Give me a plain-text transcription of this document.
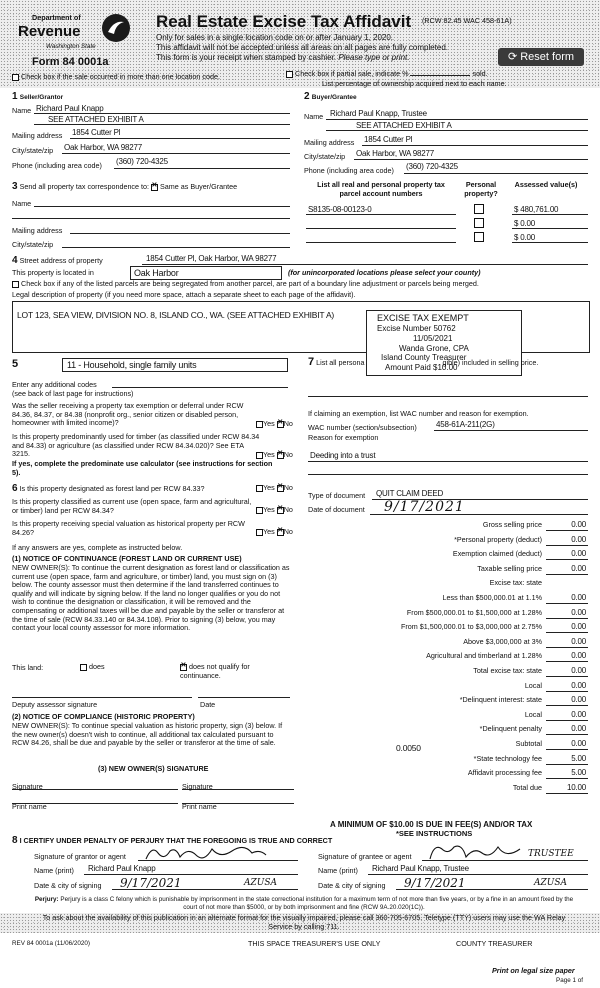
Department of
Revenue
Washington State
Form 84 0001a
Real Estate Excise Tax Affidavit (RCW 82.45 WAC 458-61A)
Only for sales in a single location code on or after January 1, 2020.
This affidavit will not be accepted unless all areas on all pages are fully completed.
This form is your receipt when stamped by cashier. Please type or print.	⟳ Reset form
Check box if the sale occurred in more than one location code.	Check box if partial sale, indicate %	sold.
List percentage of ownership acquired next to each name.
1 Seller/Grantor
Name Richard Paul Knapp
SEE ATTACHED EXHIBIT A
Mailing address 1854 Cutter Pl
City/state/zip Oak Harbor, WA 98277
Phone (including area code) (360) 720-4325
2 Buyer/Grantee
Name Richard Paul Knapp, Trustee
SEE ATTACHED EXHIBIT A
Mailing address 1854 Cutter Pl
City/state/zip Oak Harbor, WA 98277
Phone (including area code) (360) 720-4325
3 Send all property tax correspondence to: ✕ Same as Buyer/Grantee
Name
Mailing address
City/state/zip
List all real and personal property tax parcel account numbers
Personal property?
Assessed value(s)
S8135-08-00123-0	$ 480,761.00
$ 0.00
$ 0.00
4 Street address of property	1854 Cutter Pl, Oak Harbor, WA 98277
This property is located in	Oak Harbor	(for unincorporated locations please select your county)
Check box if any of the listed parcels are being segregated from another parcel, are part of a boundary line adjustment or parcels being merged.
Legal description of property (if you need more space, attach a separate sheet to each page of the affidavit).
LOT 123, SEA VIEW, DIVISION NO. 8, ISLAND CO., WA. (SEE ATTACHED EXHIBIT A)	EXCISE TAX EXEMPT
Excise Number 50762
11/05/2021
Wanda Grone, CPA
Island County Treasurer
Amount Paid $10.00
5	11 - Household, single family units
Enter any additional codes
(see back of last page for instructions)
Was the seller receiving a property tax exemption or deferral under RCW 84.36, 84.37, or 84.38 (nonprofit org., senior citizen or disabled person, homeowner with limited income)?	Yes ✕ No
Is this property predominantly used for timber (as classified under RCW 84.34 and 84.33) or agriculture (as classified under RCW 84.34.020)? See ETA 3215.	Yes ✕ No
If yes, complete the predominate use calculator (see instructions for section 5).
7 List all persona	gible) included in selling price.
If claiming an exemption, list WAC number and reason for exemption.
WAC number (section/subsection) 458-61A-211(2G)
Reason for exemption
Deeding into a trust
6 Is this property designated as forest land per RCW 84.33?	Yes ✕ No
Is this property classified as current use (open space, farm and agricultural, or timber) land per RCW 84.34?	Yes ✕ No
Is this property receiving special valuation as historical property per RCW 84.26?	Yes ✕ No
If any answers are yes, complete as instructed below.
(1) NOTICE OF CONTINUANCE (FOREST LAND OR CURRENT USE)
NEW OWNER(S): To continue the current designation as forest land or classification as current use (open space, farm and agriculture, or timber) land, you must sign on (3) below. The county assessor must then determine if the land transferred continues to qualify and will indicate by signing below. If the land no longer qualifies or you do not wish to continue the designation or classification, it will be removed and the compensating or additional taxes will be due and payable by the seller or transferor at the time of sale (RCW 84.33.140 or 84.34.108). Prior to signing (3) below, you may contact your local county assessor for more information.
This land:	does ✕	does not qualify for continuance.
Deputy assessor signature	Date
(2) NOTICE OF COMPLIANCE (HISTORIC PROPERTY)
NEW OWNER(S): To continue special valuation as historic property, sign (3) below. If the new owner(s) doesn't wish to continue, all additional tax calculated pursuant to RCW 84.26, shall be due and payable by the seller or transferor at the time of sale.
(3) NEW OWNER(S) SIGNATURE
Signature	Signature
Print name	Print name
Type of document QUIT CLAIM DEED
Date of document 9/17/2021
Gross selling price	0.00
*Personal property (deduct)	0.00
Exemption claimed (deduct)	0.00
Taxable selling price	0.00
Excise tax: state
Less than $500,000.01 at 1.1%	0.00
From $500,000.01 to $1,500,000 at 1.28%	0.00
From $1,500,000.01 to $3,000,000 at 2.75%	0.00
Above $3,000,000 at 3%	0.00
Agricultural and timberland at 1.28%	0.00
Total excise tax: state	0.00
Local	0.00
*Delinquent interest: state	0.00
Local	0.00
*Delinquent penalty	0.00
Subtotal	0.00
*State technology fee	5.00
Affidavit processing fee	5.00
Total due	10.00
0.0050
A MINIMUM OF $10.00 IS DUE IN FEE(S) AND/OR TAX
*SEE INSTRUCTIONS
8 I CERTIFY UNDER PENALTY OF PERJURY THAT THE FOREGOING IS TRUE AND CORRECT
Signature of grantor or agent	Signature of grantee or agent	TRUSTEE
Name (print) Richard Paul Knapp	Name (print) Richard Paul Knapp, Trustee
Date & city of signing 9/17/2021	AZUSA	Date & city of signing 9/17/2021	AZUSA
Perjury: Perjury is a class C felony which is punishable by imprisonment in the state correctional institution for a maximum term of not more than five years, or by a fine in an amount fixed by the court of not more than $5000, or by both imprisonment and fine (RCW 9A.20.020(1C)).
To ask about the availability of this publication in an alternate format for the visually impaired, please call 360-705-6705. Teletype (TTY) users may use the WA Relay Service by calling 711.
REV 84 0001a (11/06/2020)	THIS SPACE TREASURER'S USE ONLY	COUNTY TREASURER
Print on legal size paper
Page 1 of
